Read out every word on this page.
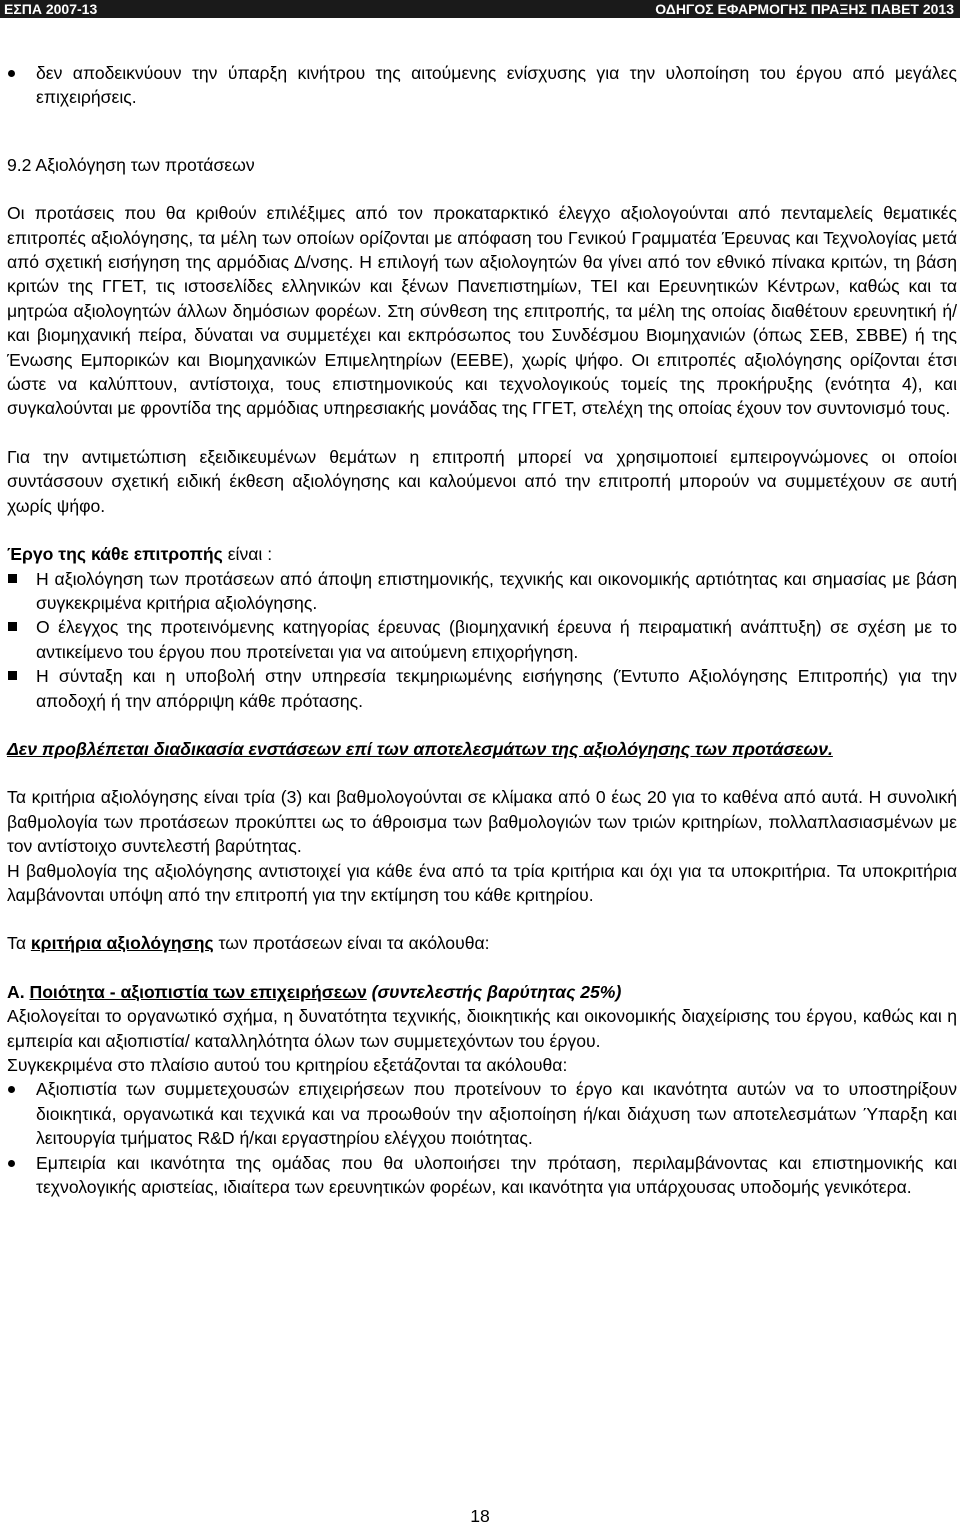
ΕΣΠΑ 2007-13	ΟΔΗΓΟΣ ΕΦΑΡΜΟΓΗΣ ΠΡΑΞΗΣ ΠΑΒΕΤ 2013
δεν αποδεικνύουν την ύπαρξη κινήτρου της αιτούμενης ενίσχυσης για την υλοποίηση του έργου από μεγάλες επιχειρήσεις.

9.2 Αξιολόγηση των προτάσεων

Οι προτάσεις που θα κριθούν επιλέξιμες από τον προκαταρκτικό έλεγχο αξιολογούνται από πενταμελείς θεματικές επιτροπές αξιολόγησης, τα μέλη των οποίων ορίζονται με απόφαση του Γενικού Γραμματέα Έρευνας και Τεχνολογίας μετά από σχετική εισήγηση της αρμόδιας Δ/νσης. Η επιλογή των αξιολογητών θα γίνει από τον εθνικό πίνακα κριτών, τη βάση κριτών της ΓΓΕΤ, τις ιστοσελίδες ελληνικών και ξένων Πανεπιστημίων, ΤΕΙ και Ερευνητικών Κέντρων, καθώς και τα μητρώα αξιολογητών άλλων δημόσιων φορέων. Στη σύνθεση της επιτροπής, τα μέλη της οποίας διαθέτουν ερευνητική ή/και βιομηχανική πείρα, δύναται να συμμετέχει και εκπρόσωπος του Συνδέσμου Βιομηχανιών (όπως ΣΕΒ, ΣΒΒΕ) ή της Ένωσης Εμπορικών και Βιομηχανικών Επιμελητηρίων (ΕΕΒΕ), χωρίς ψήφο. Οι επιτροπές αξιολόγησης ορίζονται έτσι ώστε να καλύπτουν, αντίστοιχα, τους επιστημονικούς και τεχνολογικούς τομείς της προκήρυξης (ενότητα 4), και συγκαλούνται με φροντίδα της αρμόδιας υπηρεσιακής μονάδας της ΓΓΕΤ, στελέχη της οποίας έχουν τον συντονισμό τους.

Για την αντιμετώπιση εξειδικευμένων θεμάτων η επιτροπή μπορεί να χρησιμοποιεί εμπειρογνώμονες οι οποίοι συντάσσουν σχετική ειδική έκθεση αξιολόγησης και καλούμενοι από την επιτροπή μπορούν να συμμετέχουν σε αυτή χωρίς ψήφο.

Έργο της κάθε επιτροπής είναι :

Η αξιολόγηση των προτάσεων από άποψη επιστημονικής, τεχνικής και οικονομικής αρτιότητας και σημασίας με βάση συγκεκριμένα κριτήρια αξιολόγησης.
Ο έλεγχος της προτεινόμενης κατηγορίας έρευνας (βιομηχανική έρευνα ή πειραματική ανάπτυξη) σε σχέση με το αντικείμενο του έργου που προτείνεται για να αιτούμενη επιχορήγηση.
Η σύνταξη και η υποβολή στην υπηρεσία τεκμηριωμένης εισήγησης (Έντυπο Αξιολόγησης Επιτροπής) για την αποδοχή ή την απόρριψη κάθε πρότασης.

Δεν προβλέπεται διαδικασία ενστάσεων επί των αποτελεσμάτων της αξιολόγησης των προτάσεων.

Τα κριτήρια αξιολόγησης είναι τρία (3) και βαθμολογούνται σε κλίμακα από 0 έως 20 για το καθένα από αυτά. Η συνολική βαθμολογία των προτάσεων προκύπτει ως το άθροισμα των βαθμολογιών των τριών κριτηρίων, πολλαπλασιασμένων με τον αντίστοιχο συντελεστή βαρύτητας.

Η βαθμολογία της αξιολόγησης αντιστοιχεί για κάθε ένα από τα τρία κριτήρια και όχι για τα υποκριτήρια. Τα υποκριτήρια λαμβάνονται υπόψη από την επιτροπή για την εκτίμηση του κάθε κριτηρίου.

Τα κριτήρια αξιολόγησης των προτάσεων είναι τα ακόλουθα:

Α. Ποιότητα - αξιοπιστία των επιχειρήσεων (συντελεστής βαρύτητας 25%)

Αξιολογείται το οργανωτικό σχήμα, η δυνατότητα τεχνικής, διοικητικής και οικονομικής διαχείρισης του έργου, καθώς και η εμπειρία και αξιοπιστία/ καταλληλότητα όλων των συμμετεχόντων του έργου.

Συγκεκριμένα στο πλαίσιο αυτού του κριτηρίου εξετάζονται τα ακόλουθα:

Αξιοπιστία των συμμετεχουσών επιχειρήσεων που προτείνουν το έργο και ικανότητα αυτών να το υποστηρίξουν διοικητικά, οργανωτικά και τεχνικά και να προωθούν την αξιοποίηση ή/και διάχυση των αποτελεσμάτων Ύπαρξη και λειτουργία τμήματος R&D ή/και εργαστηρίου ελέγχου ποιότητας.
Εμπειρία και ικανότητα της ομάδας που θα υλοποιήσει την πρόταση, περιλαμβάνοντας και επιστημονικής και τεχνολογικής αριστείας, ιδιαίτερα των ερευνητικών φορέων, και ικανότητα για υπάρχουσας υποδομής γενικότερα.
18
